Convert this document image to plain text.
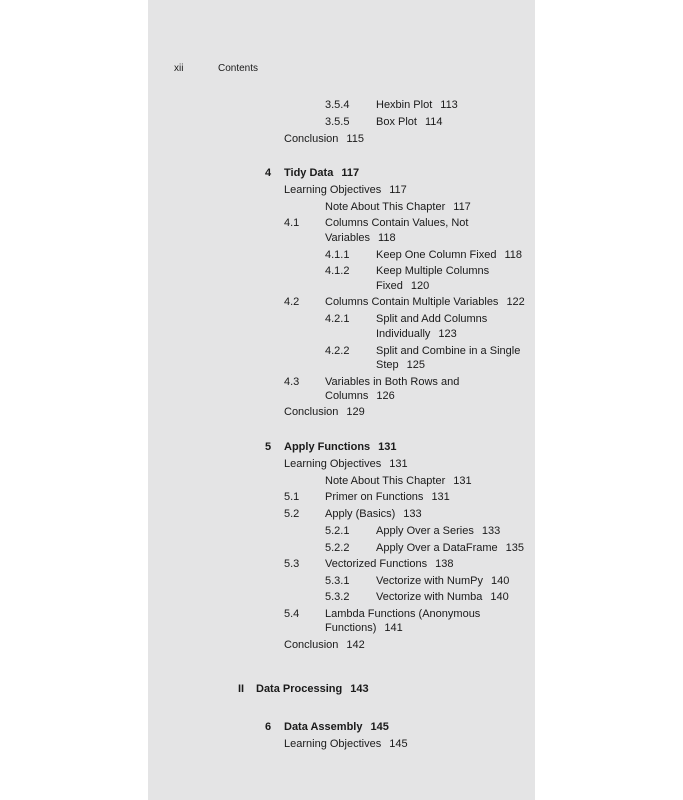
xii	Contents
3.5.4 Hexbin Plot 113
3.5.5 Box Plot 114
Conclusion 115
4 Tidy Data 117
Learning Objectives 117
Note About This Chapter 117
4.1 Columns Contain Values, Not
Variables 118
4.1.1 Keep One Column Fixed 118
4.1.2 Keep Multiple Columns
Fixed 120
4.2 Columns Contain Multiple Variables 122
4.2.1 Split and Add Columns
Individually 123
4.2.2 Split and Combine in a Single
Step 125
4.3 Variables in Both Rows and
Columns 126
Conclusion 129
5 Apply Functions 131
Learning Objectives 131
Note About This Chapter 131
5.1 Primer on Functions 131
5.2 Apply (Basics) 133
5.2.1 Apply Over a Series 133
5.2.2 Apply Over a DataFrame 135
5.3 Vectorized Functions 138
5.3.1 Vectorize with NumPy 140
5.3.2 Vectorize with Numba 140
5.4 Lambda Functions (Anonymous
Functions) 141
Conclusion 142
II Data Processing 143
6 Data Assembly 145
Learning Objectives 145
